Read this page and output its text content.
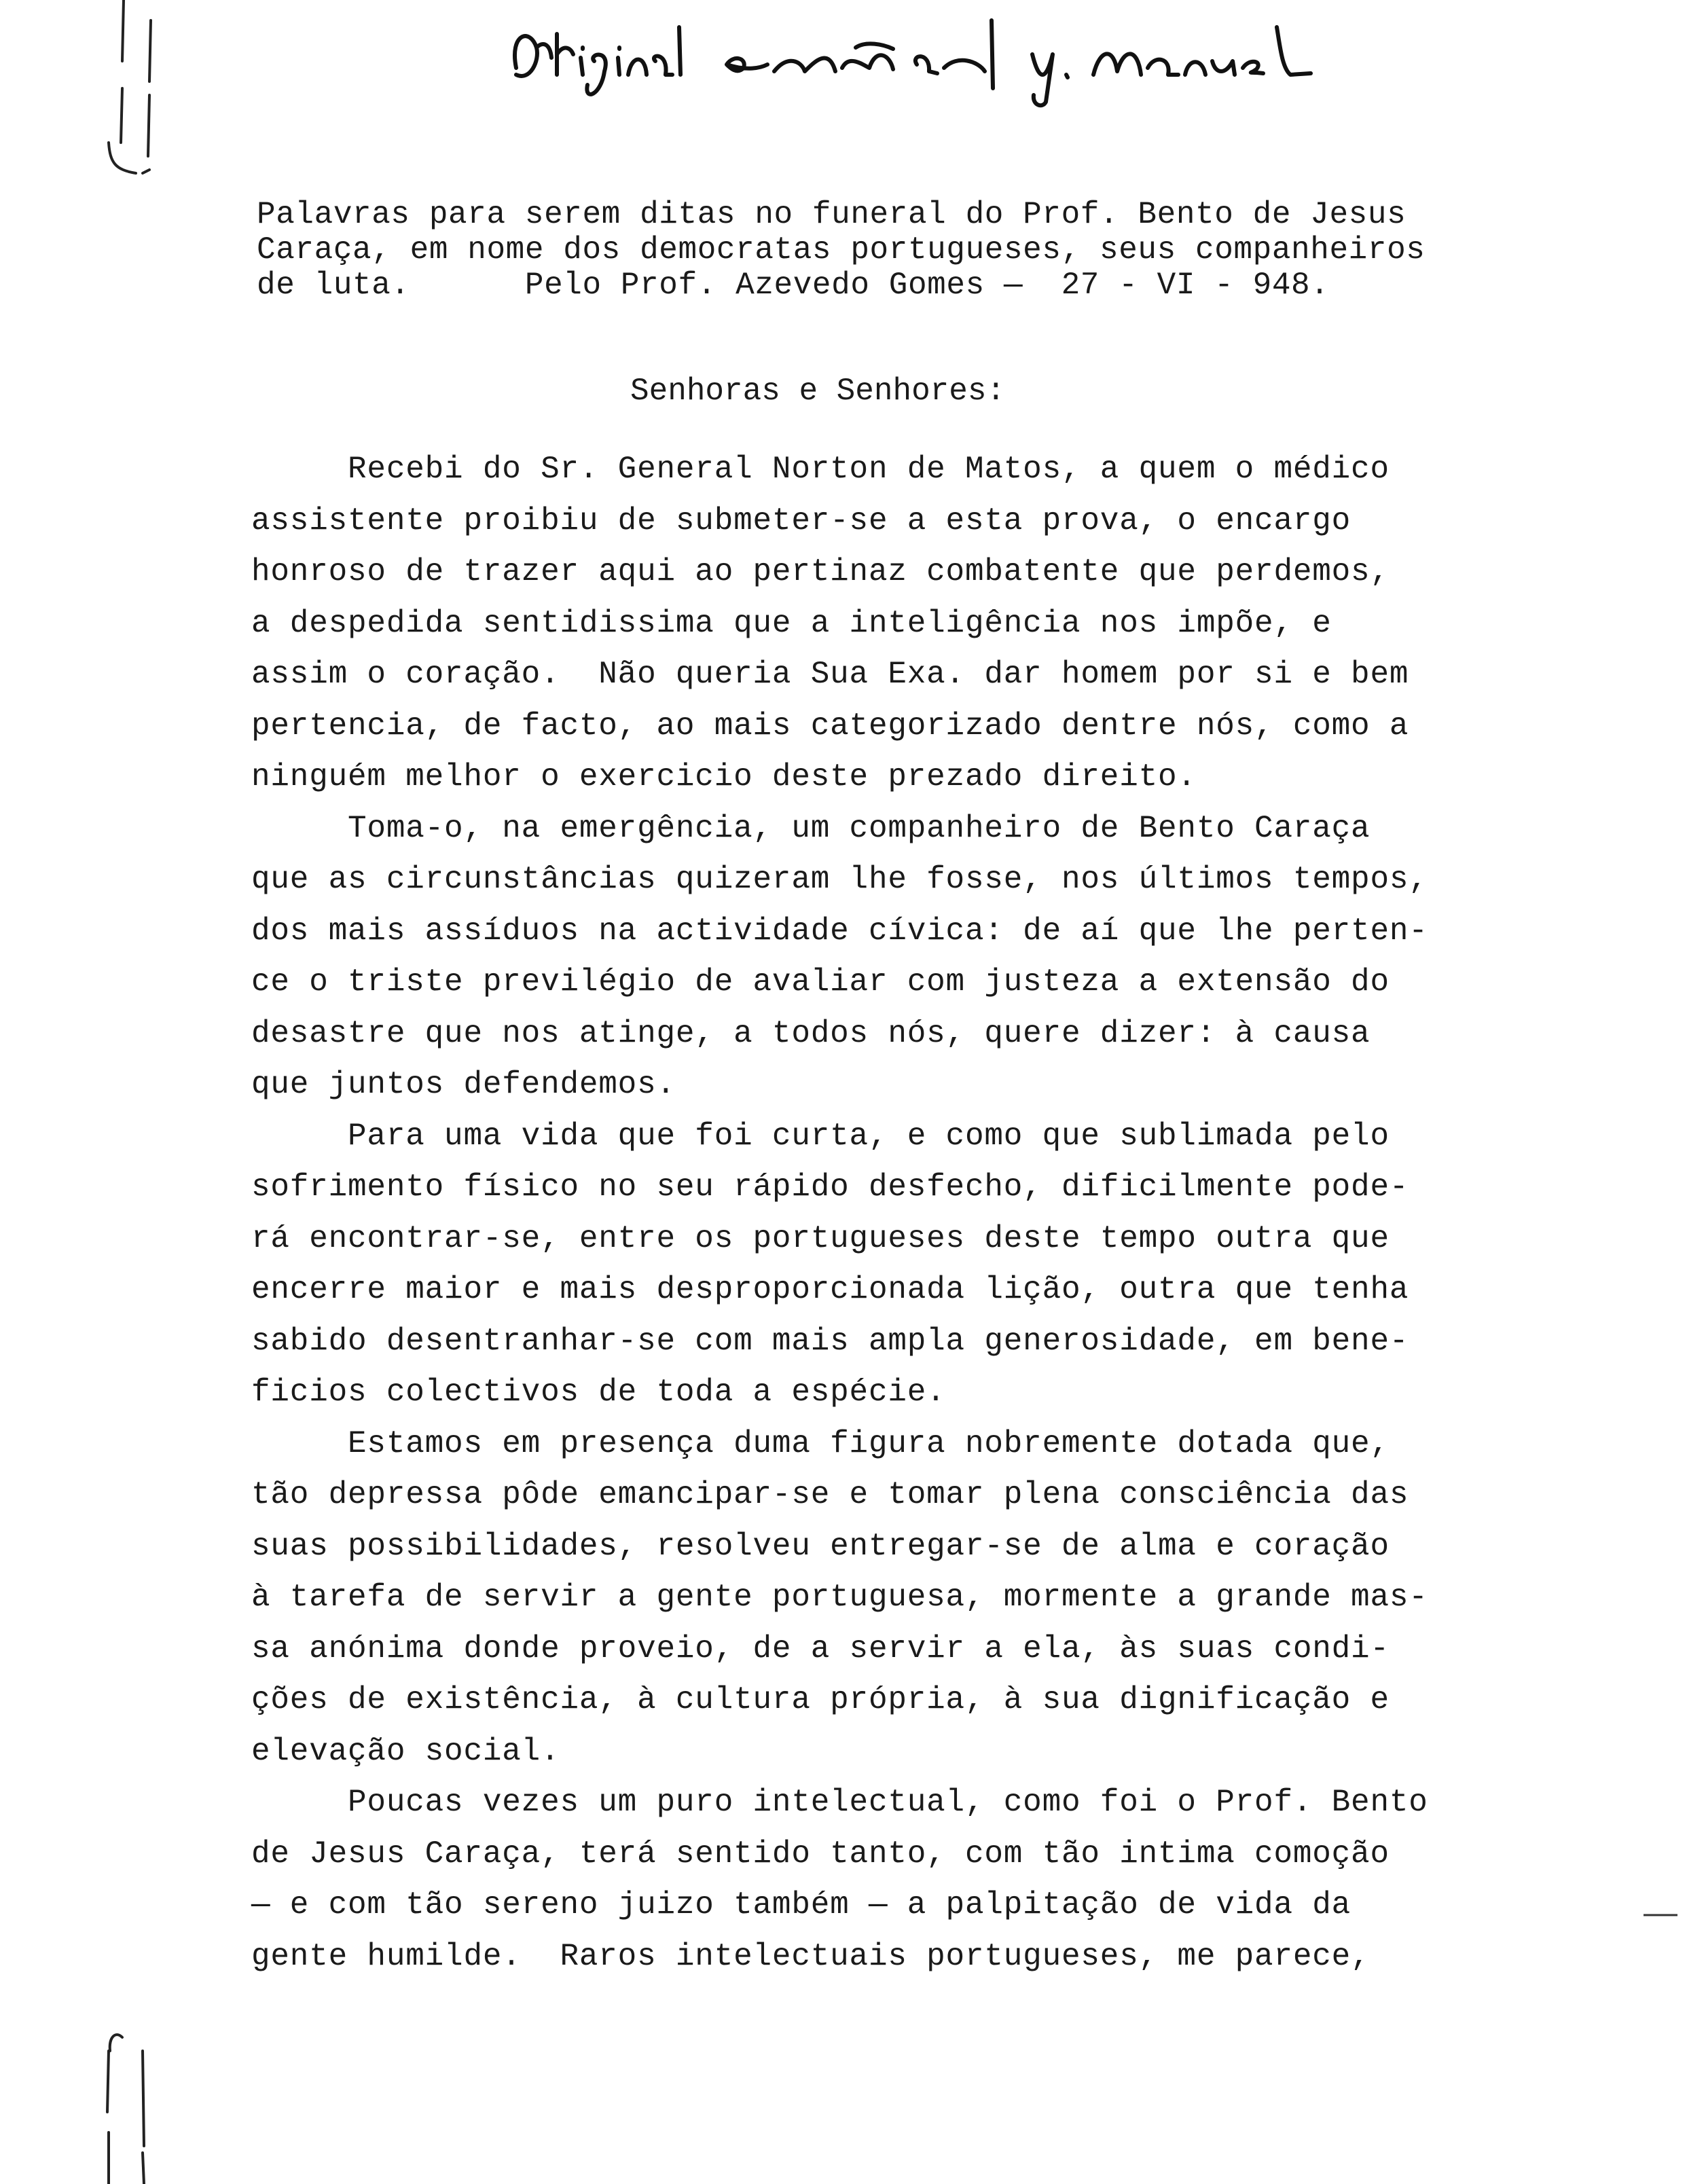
Palavras para serem ditas no funeral do Prof. Bento de Jesus
Caraça, em nome dos democratas portugueses, seus companheiros
de luta.      Pelo Prof. Azevedo Gomes —  27 - VI - 948.
Senhoras e Senhores:
Recebi do Sr. General Norton de Matos, a quem o médico
assistente proibiu de submeter-se a esta prova, o encargo
honroso de trazer aqui ao pertinaz combatente que perdemos,
a despedida sentidissima que a inteligência nos impõe, e
assim o coração.  Não queria Sua Exa. dar homem por si e bem
pertencia, de facto, ao mais categorizado dentre nós, como a
ninguém melhor o exercicio deste prezado direito.
Toma-o, na emergência, um companheiro de Bento Caraça
que as circunstâncias quizeram lhe fosse, nos últimos tempos,
dos mais assíduos na actividade cívica: de aí que lhe perten-
ce o triste previlégio de avaliar com justeza a extensão do
desastre que nos atinge, a todos nós, quere dizer: à causa
que juntos defendemos.
Para uma vida que foi curta, e como que sublimada pelo
sofrimento físico no seu rápido desfecho, dificilmente pode-
rá encontrar-se, entre os portugueses deste tempo outra que
encerre maior e mais desproporcionada lição, outra que tenha
sabido desentranhar-se com mais ampla generosidade, em bene-
ficios colectivos de toda a espécie.
Estamos em presença duma figura nobremente dotada que,
tão depressa pôde emancipar-se e tomar plena consciência das
suas possibilidades, resolveu entregar-se de alma e coração
à tarefa de servir a gente portuguesa, mormente a grande mas-
sa anónima donde proveio, de a servir a ela, às suas condi-
ções de existência, à cultura própria, à sua dignificação e
elevação social.
Poucas vezes um puro intelectual, como foi o Prof. Bento
de Jesus Caraça, terá sentido tanto, com tão intima comoção
— e com tão sereno juizo também — a palpitação de vida da
gente humilde.  Raros intelectuais portugueses, me parece,
